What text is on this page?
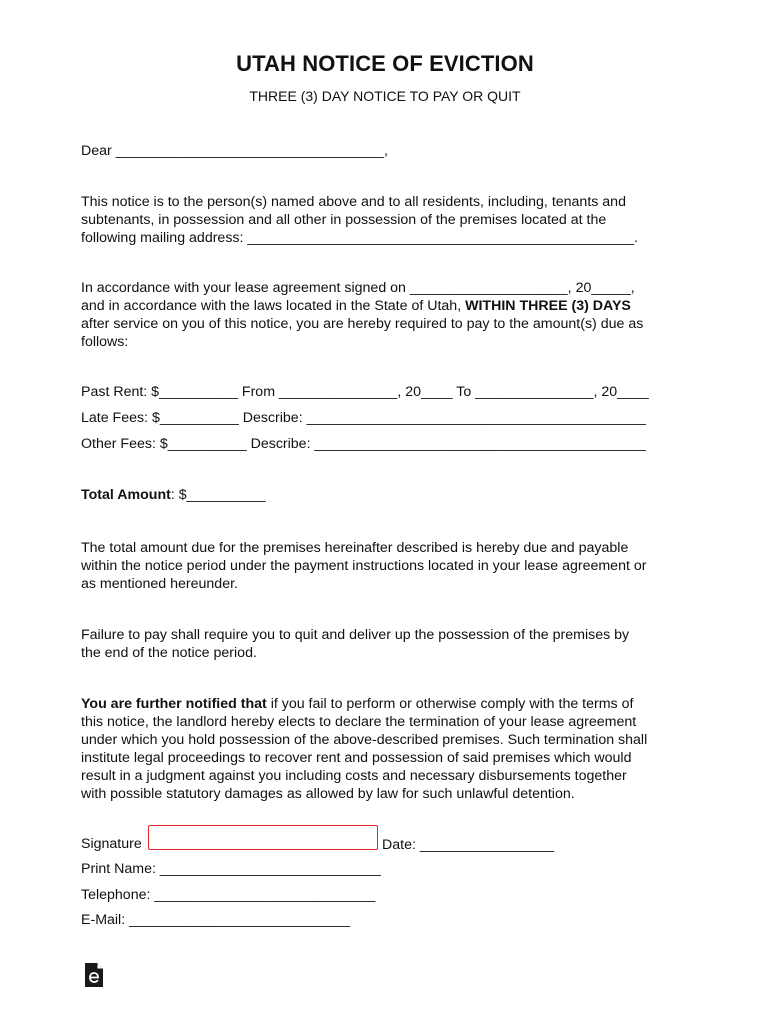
UTAH NOTICE OF EVICTION
THREE (3) DAY NOTICE TO PAY OR QUIT
Dear __________________________________,
This notice is to the person(s) named above and to all residents, including, tenants and
subtenants, in possession and all other in possession of the premises located at the
following mailing address: _________________________________________________.
In accordance with your lease agreement signed on ____________________, 20_____,
and in accordance with the laws located in the State of Utah, WITHIN THREE (3) DAYS
after service on you of this notice, you are hereby required to pay to the amount(s) due as
follows:
Past Rent: $__________ From _______________, 20____ To _______________, 20____
Late Fees: $__________ Describe: ___________________________________________
Other Fees: $__________ Describe: __________________________________________
Total Amount: $__________
The total amount due for the premises hereinafter described is hereby due and payable
within the notice period under the payment instructions located in your lease agreement or
as mentioned hereunder.
Failure to pay shall require you to quit and deliver up the possession of the premises by
the end of the notice period.
You are further notified that if you fail to perform or otherwise comply with the terms of
this notice, the landlord hereby elects to declare the termination of your lease agreement
under which you hold possession of the above-described premises. Such termination shall
institute legal proceedings to recover rent and possession of said premises which would
result in a judgment against you including costs and necessary disbursements together
with possible statutory damages as allowed by law for such unlawful detention.
Signature	Date: _________________
Print Name: ____________________________
Telephone: ____________________________
E-Mail: ____________________________
